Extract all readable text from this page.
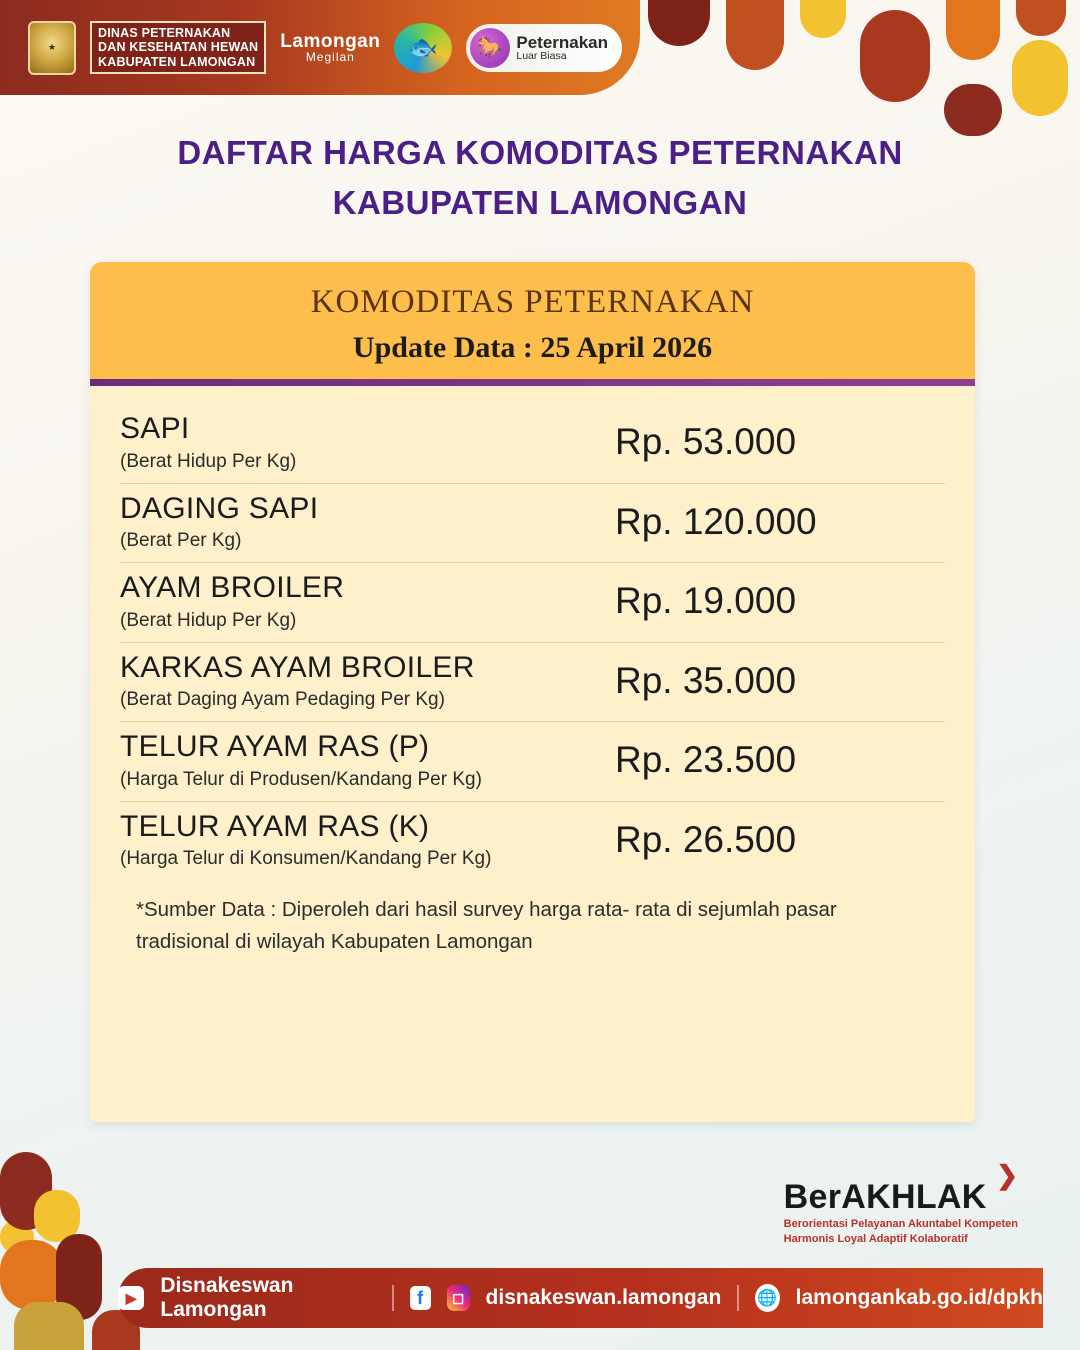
★
DINAS PETERNAKAN
DAN KESEHATAN HEWAN
KABUPATEN LAMONGAN
Lamongan
Megilan	🐟	🐎 Peternakan
Luar Biasa
DAFTAR HARGA KOMODITAS PETERNAKAN
KABUPATEN LAMONGAN
KOMODITAS PETERNAKAN
Update Data : 25 April 2026
SAPI
(Berat Hidup Per Kg)	Rp. 53.000
DAGING SAPI
(Berat Per Kg)	Rp. 120.000
AYAM BROILER
(Berat Hidup Per Kg)	Rp. 19.000
KARKAS AYAM BROILER
(Berat Daging Ayam Pedaging Per Kg)	Rp. 35.000
TELUR AYAM RAS (P)
(Harga Telur di Produsen/Kandang Per Kg)	Rp. 23.500
TELUR AYAM RAS (K)
(Harga Telur di Konsumen/Kandang Per Kg)	Rp. 26.500
*Sumber Data : Diperoleh dari hasil survey harga rata- rata di sejumlah pasar tradisional di wilayah Kabupaten Lamongan
❯
BerAKHLAK
Berorientasi Pelayanan Akuntabel Kompeten
Harmonis Loyal Adaptif Kolaboratif
▶
Disnakeswan Lamongan
f	◻ disnakeswan.lamongan 🌐 lamongankab.go.id/dpkh
